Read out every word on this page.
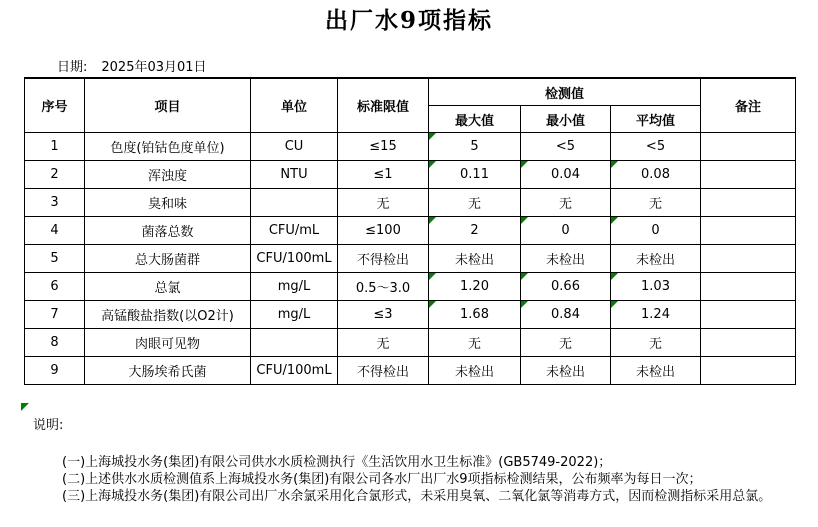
出厂水9项指标
日期: 2025年03月01日
序号	项目	单位	标准限值	检测值			备注
				最大值	最小值	平均值	
1	色度(铂钴色度单位)	CU	≤15	5	<5	<5	
2	浑浊度	NTU	≤1	0.11	0.04	0.08	
3	臭和味		无	无	无	无	
4	菌落总数	CFU/mL	≤100	2	0	0	
5	总大肠菌群	CFU/100mL	不得检出	未检出	未检出	未检出	
6	总氯	mg/L	0.5～3.0	1.20	0.66	1.03	
7	高锰酸盐指数(以O2计)	mg/L	≤3	1.68	0.84	1.24	
8	肉眼可见物		无	无	无	无	
9	大肠埃希氏菌	CFU/100mL	不得检出	未检出	未检出	未检出	
说明:
(一)上海城投水务(集团)有限公司供水水质检测执行《生活饮用水卫生标准》(GB5749-2022)；
(二)上述供水水质检测值系上海城投水务(集团)有限公司各水厂出厂水9项指标检测结果，公布频率为每日一次；
(三)上海城投水务(集团)有限公司出厂水余氯采用化合氯形式，未采用臭氧、二氧化氯等消毒方式，因而检测指标采用总氯。
